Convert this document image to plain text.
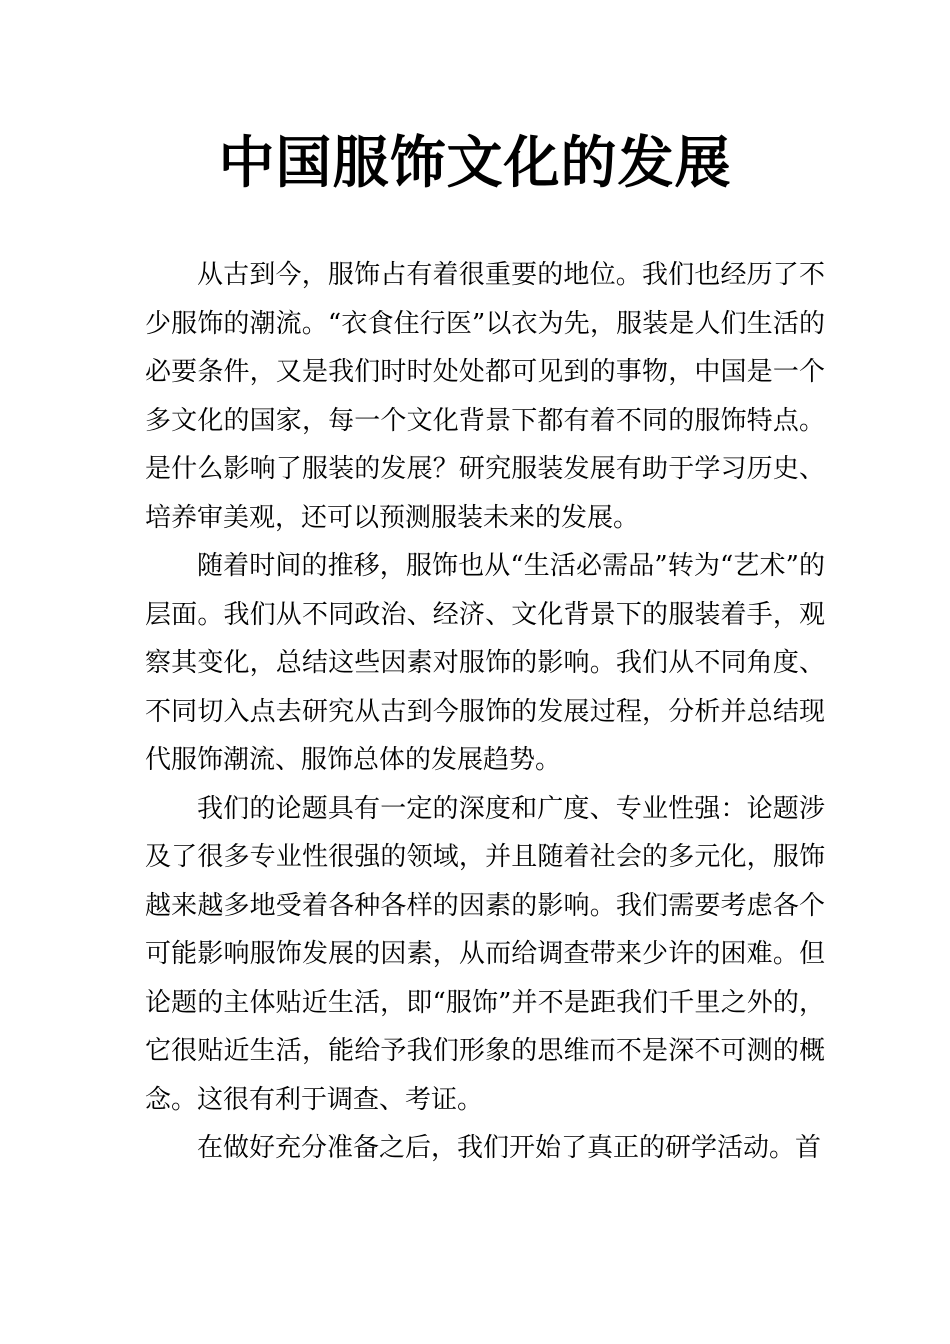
中国服饰文化的发展

从古到今，服饰占有着很重要的地位。我们也经历了不少服饰的潮流。“衣食住行医”以衣为先，服装是人们生活的必要条件，又是我们时时处处都可见到的事物，中国是一个多文化的国家，每一个文化背景下都有着不同的服饰特点。是什么影响了服装的发展？研究服装发展有助于学习历史、培养审美观，还可以预测服装未来的发展。

随着时间的推移，服饰也从“生活必需品”转为“艺术”的层面。我们从不同政治、经济、文化背景下的服装着手，观察其变化，总结这些因素对服饰的影响。我们从不同角度、不同切入点去研究从古到今服饰的发展过程，分析并总结现代服饰潮流、服饰总体的发展趋势。

我们的论题具有一定的深度和广度、专业性强：论题涉及了很多专业性很强的领域，并且随着社会的多元化，服饰越来越多地受着各种各样的因素的影响。我们需要考虑各个可能影响服饰发展的因素，从而给调查带来少许的困难。但论题的主体贴近生活，即“服饰”并不是距我们千里之外的，它很贴近生活，能给予我们形象的思维而不是深不可测的概念。这很有利于调查、考证。

在做好充分准备之后，我们开始了真正的研学活动。首
